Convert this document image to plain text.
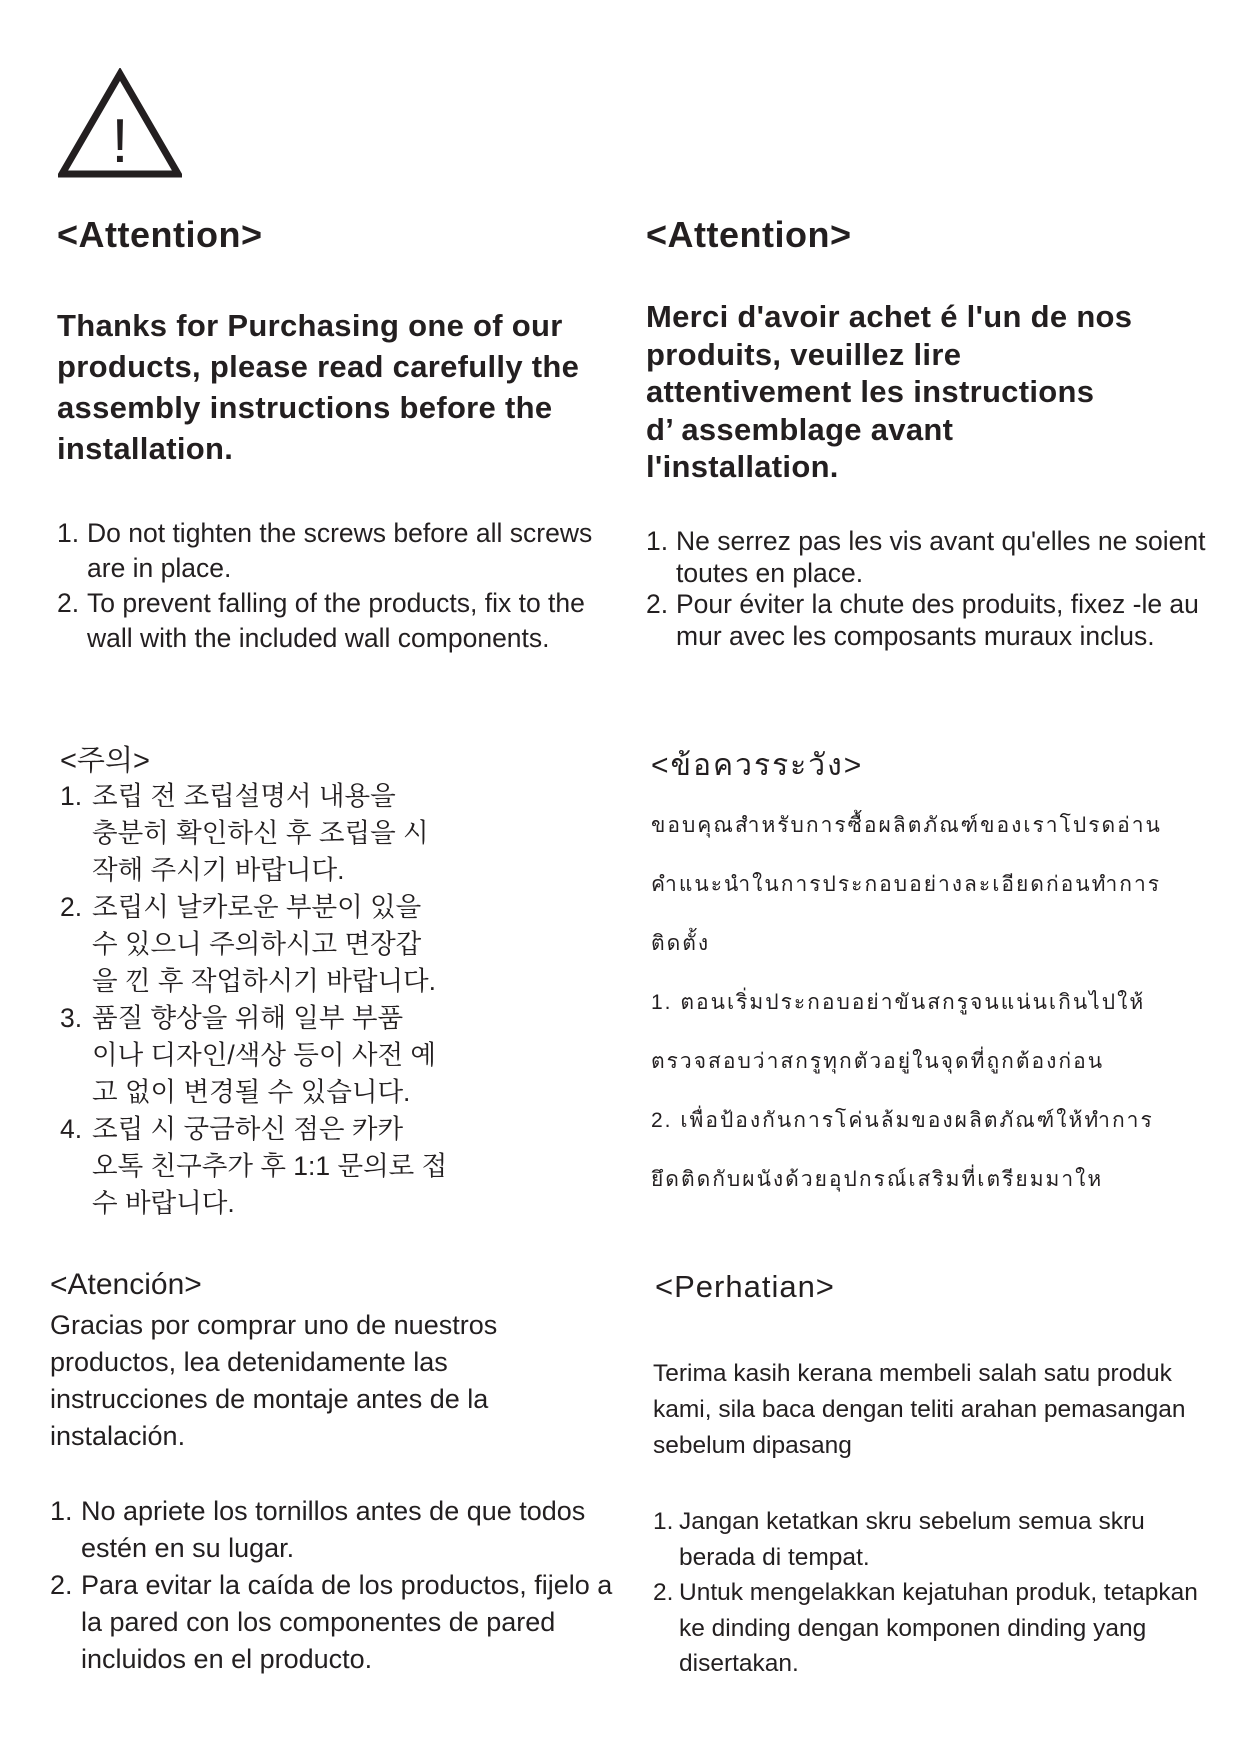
!
<Attention>
Thanks for Purchasing one of our products, please read carefully the assembly instructions before the installation.
1. Do not tighten the screws before all screws are in place.
2. To prevent falling of the products, fix to the wall with the included wall components.
<Attention>
Merci d'avoir achet é l'un de nos
produits, veuillez lire
attentivement les instructions
d’ assemblage avant
l'installation.
1. Ne serrez pas les vis avant qu'elles ne soient toutes en place.
2. Pour éviter la chute des produits, fixez -le au mur avec les composants muraux inclus.
<주의>
1. 조립 전 조립설명서 내용을
충분히 확인하신 후 조립을 시
작해 주시기 바랍니다.
2. 조립시 날카로운 부분이 있을
수 있으니 주의하시고 면장갑
을 낀 후 작업하시기 바랍니다.
3. 품질 향상을 위해 일부 부품
이나 디자인/색상 등이 사전 예
고 없이 변경될 수 있습니다.
4. 조립 시 궁금하신 점은 카카
오톡 친구추가 후 1:1 문의로 접
수 바랍니다.
<ข้อควรระวัง>
ขอบคุณสำหรับการซื้อผลิตภัณฑ์ของเราโปรดอ่าน
คำแนะนำในการประกอบอย่างละเอียดก่อนทำการ
ติดตั้ง
1. ตอนเริ่มประกอบอย่าขันสกรูจนแน่นเกินไปให้
ตรวจสอบว่าสกรูทุกตัวอยู่ในจุดที่ถูกต้องก่อน
2. เพื่อป้องกันการโค่นล้มของผลิตภัณฑ์ให้ทำการ
ยึดติดกับผนังด้วยอุปกรณ์เสริมที่เตรียมมาให
<Atención>
Gracias por comprar uno de nuestros productos, lea detenidamente las instrucciones de montaje antes de la instalación.
1. No apriete los tornillos antes de que todos estén en su lugar.
2. Para evitar la caída de los productos, fijelo a la pared con los componentes de pared incluidos en el producto.
<Perhatian>
Terima kasih kerana membeli salah satu produk kami, sila baca dengan teliti arahan pemasangan sebelum dipasang
1. Jangan ketatkan skru sebelum semua skru berada di tempat.
2. Untuk mengelakkan kejatuhan produk, tetapkan ke dinding dengan komponen dinding yang disertakan.
